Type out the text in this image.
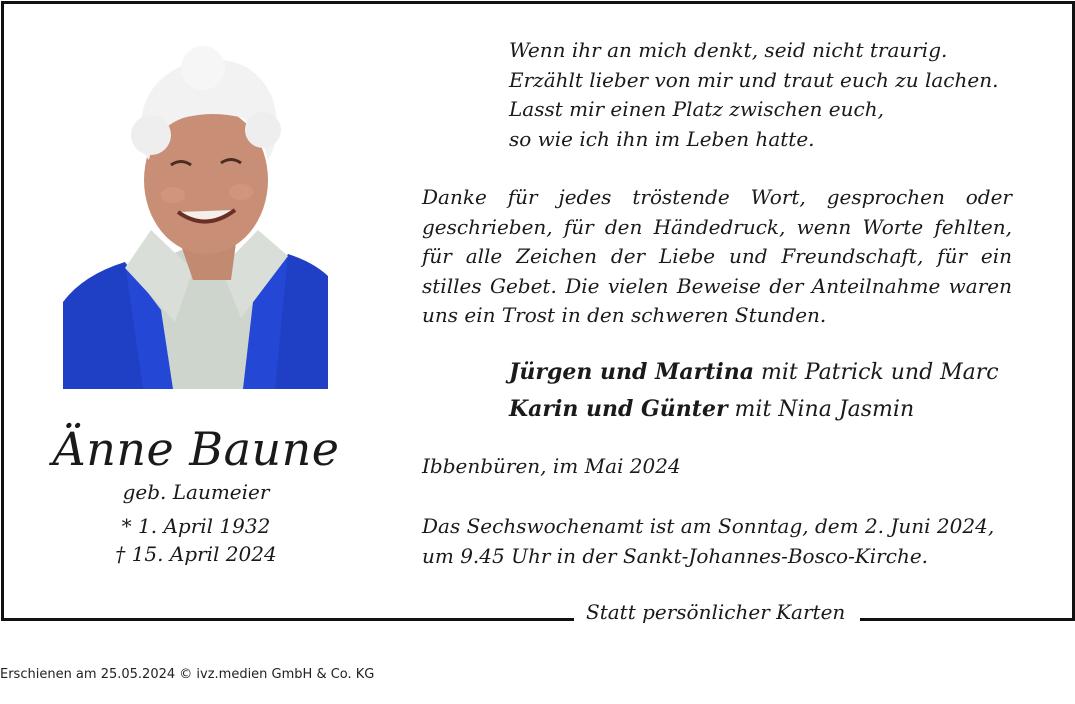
Statt persönlicher Karten
Änne Baune
geb. Laumeier
* 1. April 1932
† 15. April 2024
Wenn ihr an mich denkt, seid nicht traurig.
Erzählt lieber von mir und traut euch zu lachen.
Lasst mir einen Platz zwischen euch,
so wie ich ihn im Leben hatte.
Danke für jedes tröstende Wort, gesprochen oder geschrieben, für den Händedruck, wenn Worte fehlten, für alle Zeichen der Liebe und Freundschaft, für ein stilles Gebet. Die vielen Beweise der Anteilnahme waren uns ein Trost in den schweren Stunden.
Jürgen und Martina mit Patrick und Marc
Karin und Günter mit Nina Jasmin
Ibbenbüren, im Mai 2024
Das Sechswochenamt ist am Sonntag, dem 2. Juni 2024,
um 9.45 Uhr in der Sankt-Johannes-Bosco-Kirche.
Erschienen am 25.05.2024 © ivz.medien GmbH & Co. KG
